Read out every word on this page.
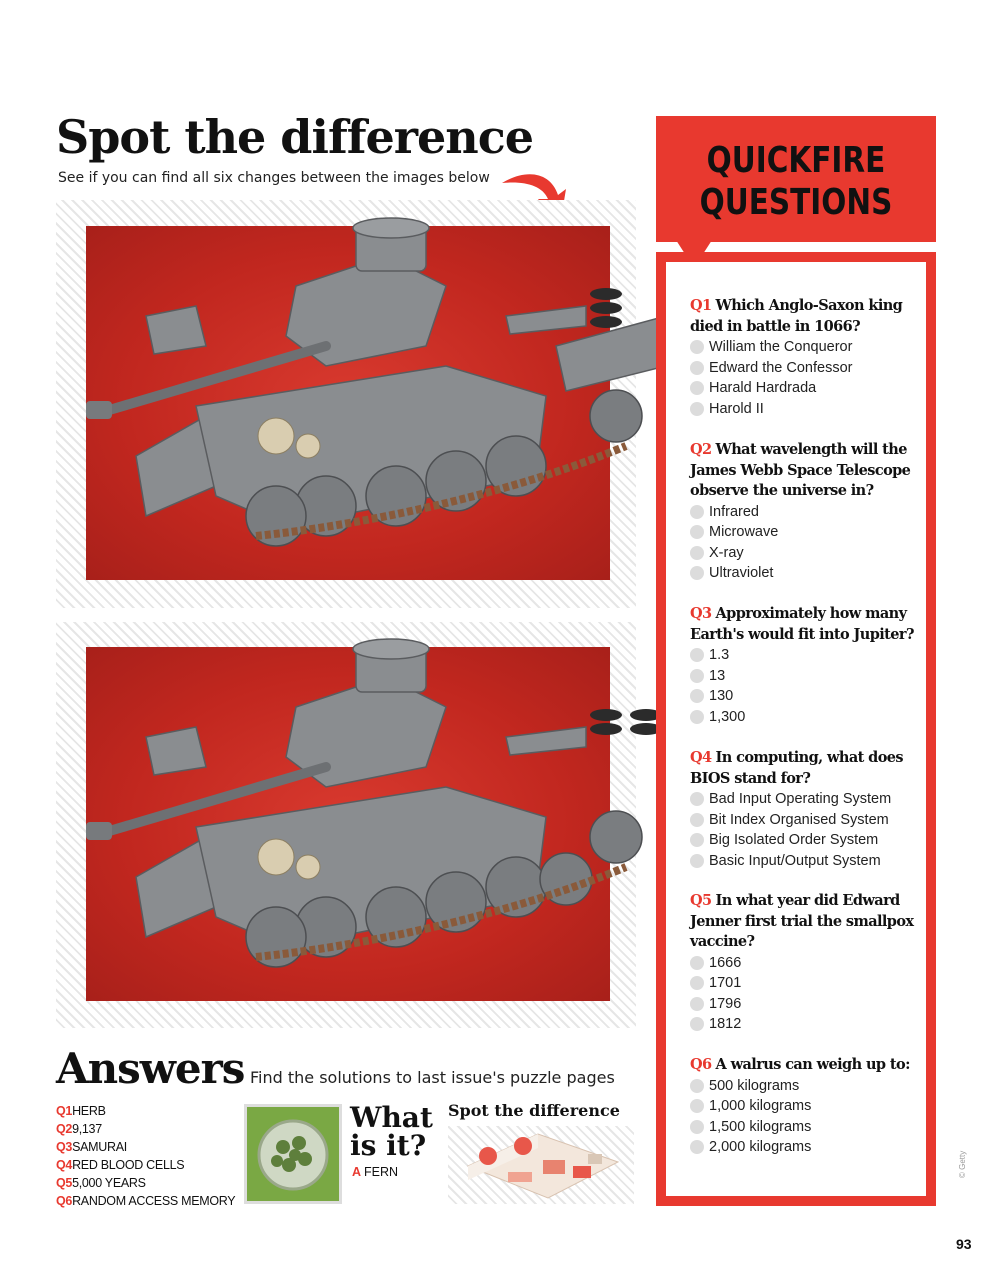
Spot the difference
See if you can find all six changes between the images below	QUICKFIRE
QUESTIONS
Q1 Which Anglo-Saxon king died in battle in 1066?
William the Conqueror
Edward the Confessor
Harald Hardrada
Harold II
Q2 What wavelength will the James Webb Space Telescope observe the universe in?
Infrared
Microwave
X-ray
Ultraviolet
Q3 Approximately how many Earth's would fit into Jupiter?
1.3
13
130
1,300
Q4 In computing, what does BIOS stand for?
Bad Input Operating System
Bit Index Organised System
Big Isolated Order System
Basic Input/Output System
Q5 In what year did Edward Jenner first trial the smallpox vaccine?
1666
1701
1796
1812
Q6 A walrus can weigh up to:
500 kilograms
1,000 kilograms
1,500 kilograms
2,000 kilograms
Answers Find the solutions to last issue's puzzle pages
Q1HERB
Q29,137
Q3SAMURAI
Q4RED BLOOD CELLS
Q55,000 YEARS
Q6RANDOM ACCESS MEMORY
What
is it?
A FERN
Spot the difference
© Getty
93
